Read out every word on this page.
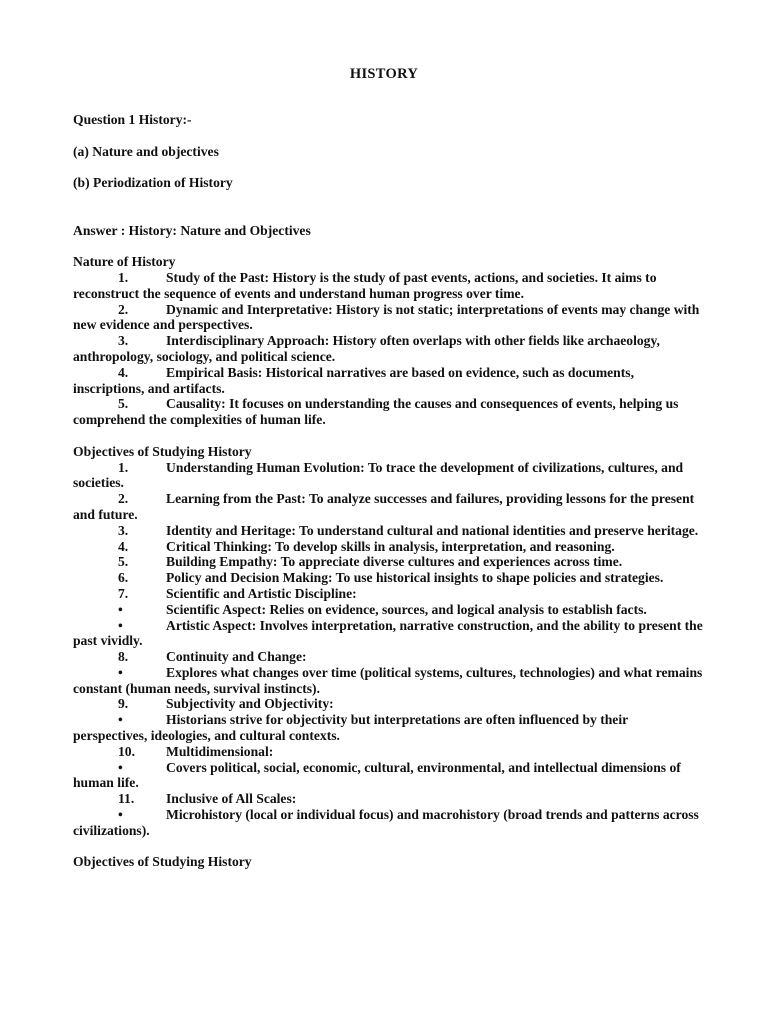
HISTORY

Question 1 History:-

(a) Nature and objectives

(b) Periodization of History

Answer : History: Nature and Objectives

Nature of History

1.	Study of the Past: History is the study of past events, actions, and societies. It aims to reconstruct the sequence of events and understand human progress over time.

2.	Dynamic and Interpretative: History is not static; interpretations of events may change with new evidence and perspectives.

3.	Interdisciplinary Approach: History often overlaps with other fields like archaeology, anthropology, sociology, and political science.

4.	Empirical Basis: Historical narratives are based on evidence, such as documents, inscriptions, and artifacts.

5.	Causality: It focuses on understanding the causes and consequences of events, helping us comprehend the complexities of human life.

Objectives of Studying History

1.	Understanding Human Evolution: To trace the development of civilizations, cultures, and societies.

2.	Learning from the Past: To analyze successes and failures, providing lessons for the present and future.

3.	Identity and Heritage: To understand cultural and national identities and preserve heritage.

4.	Critical Thinking: To develop skills in analysis, interpretation, and reasoning.

5.	Building Empathy: To appreciate diverse cultures and experiences across time.

6.	Policy and Decision Making: To use historical insights to shape policies and strategies.

7.	Scientific and Artistic Discipline:

•	Scientific Aspect: Relies on evidence, sources, and logical analysis to establish facts.

•	Artistic Aspect: Involves interpretation, narrative construction, and the ability to present the past vividly.

8.	Continuity and Change:

•	Explores what changes over time (political systems, cultures, technologies) and what remains constant (human needs, survival instincts).

9.	Subjectivity and Objectivity:

•	Historians strive for objectivity but interpretations are often influenced by their perspectives, ideologies, and cultural contexts.

10. Multidimensional:

•	Covers political, social, economic, cultural, environmental, and intellectual dimensions of human life.

11. Inclusive of All Scales:

•	Microhistory (local or individual focus) and macrohistory (broad trends and patterns across civilizations).

Objectives of Studying History
